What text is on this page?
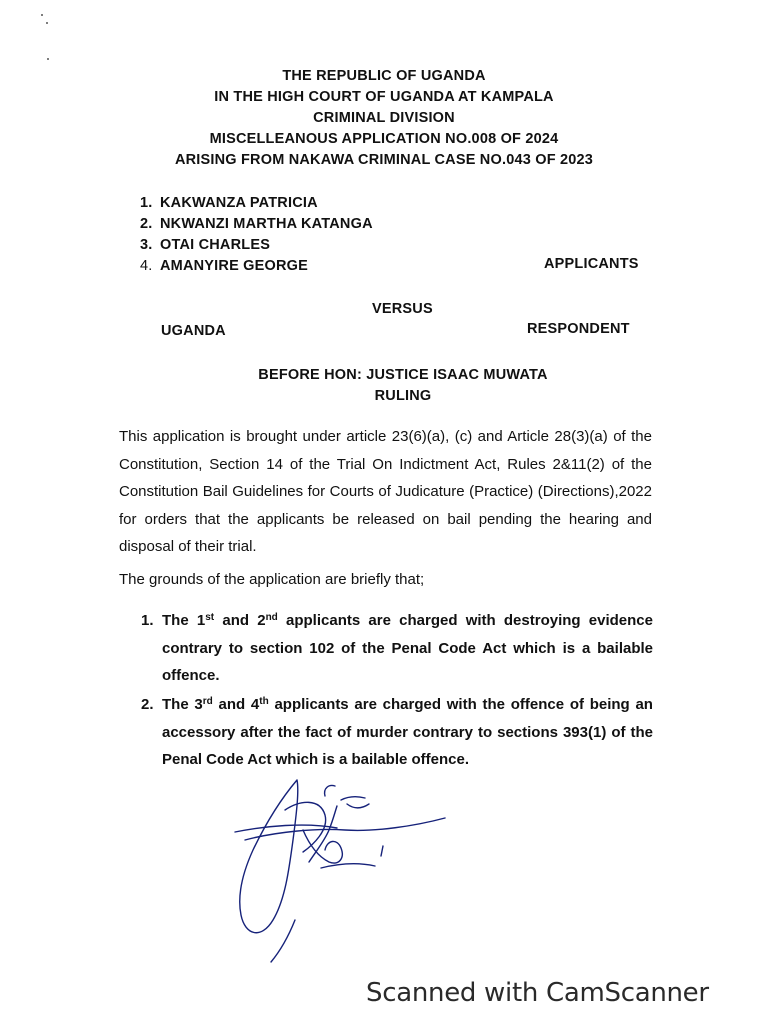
THE REPUBLIC OF UGANDA
IN THE HIGH COURT OF UGANDA AT KAMPALA
CRIMINAL DIVISION
MISCELLEANOUS APPLICATION NO.008 OF 2024
ARISING FROM NAKAWA CRIMINAL CASE NO.043 OF 2023
1. KAKWANZA PATRICIA
2. NKWANZI MARTHA KATANGA
3. OTAI CHARLES
4. AMANYIRE GEORGE	APPLICANTS
VERSUS
UGANDA	RESPONDENT
BEFORE HON: JUSTICE ISAAC MUWATA
RULING
This application is brought under article 23(6)(a), (c) and Article 28(3)(a) of the Constitution, Section 14 of the Trial On Indictment Act, Rules 2&11(2) of the Constitution Bail Guidelines for Courts of Judicature (Practice) (Directions),2022 for orders that the applicants be released on bail pending the hearing and disposal of their trial.
The grounds of the application are briefly that;
1. The 1st and 2nd applicants are charged with destroying evidence contrary to section 102 of the Penal Code Act which is a bailable offence.
2. The 3rd and 4th applicants are charged with the offence of being an accessory after the fact of murder contrary to sections 393(1) of the Penal Code Act which is a bailable offence.
Scanned with CamScanner
